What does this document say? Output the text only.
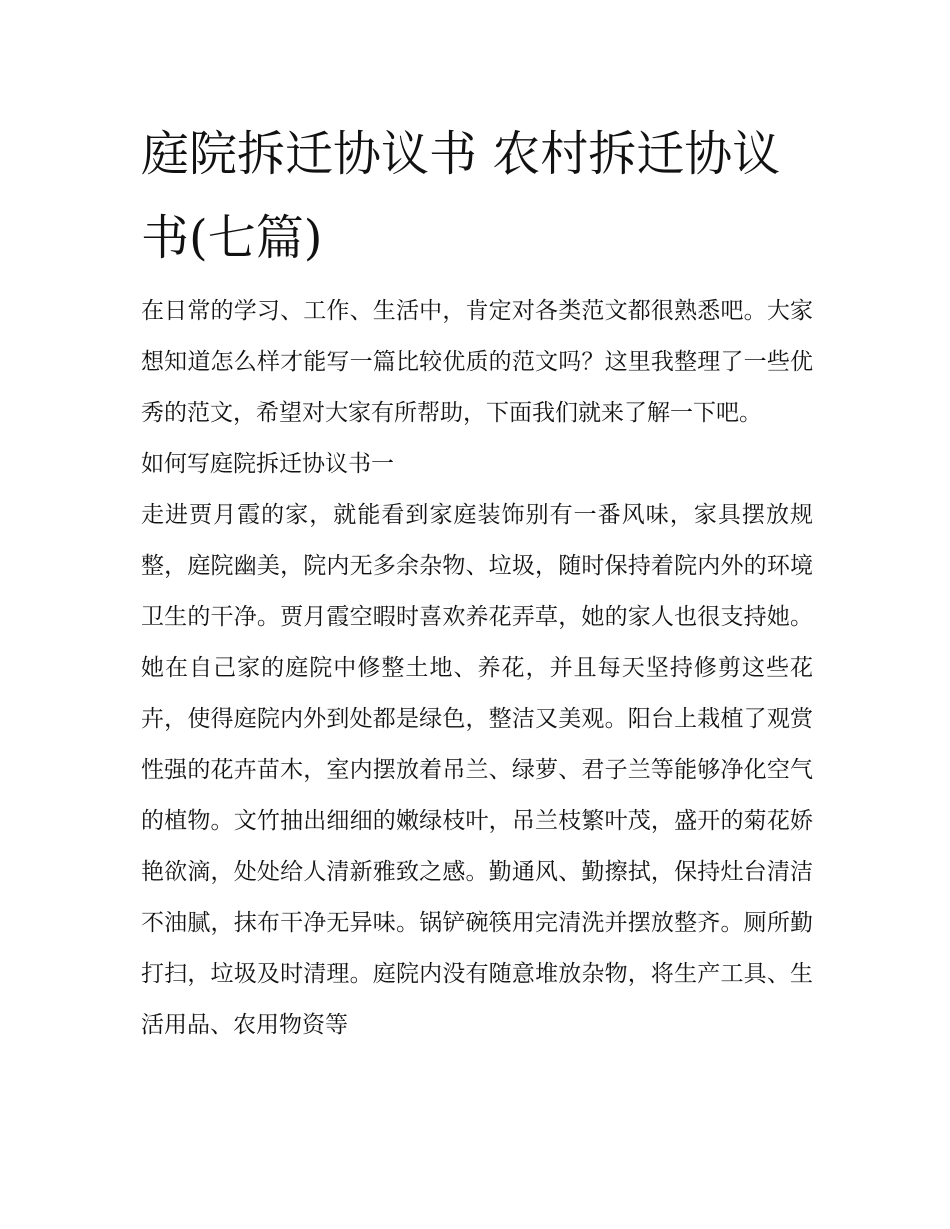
庭院拆迁协议书 农村拆迁协议书(七篇)

在日常的学习、工作、生活中，肯定对各类范文都很熟悉吧。大家想知道怎么样才能写一篇比较优质的范文吗？这里我整理了一些优秀的范文，希望对大家有所帮助，下面我们就来了解一下吧。

如何写庭院拆迁协议书一

走进贾月霞的家，就能看到家庭装饰别有一番风味，家具摆放规整，庭院幽美，院内无多余杂物、垃圾，随时保持着院内外的环境卫生的干净。贾月霞空暇时喜欢养花弄草，她的家人也很支持她。她在自己家的庭院中修整土地、养花，并且每天坚持修剪这些花卉，使得庭院内外到处都是绿色，整洁又美观。阳台上栽植了观赏性强的花卉苗木，室内摆放着吊兰、绿萝、君子兰等能够净化空气的植物。文竹抽出细细的嫩绿枝叶，吊兰枝繁叶茂，盛开的菊花娇艳欲滴，处处给人清新雅致之感。勤通风、勤擦拭，保持灶台清洁不油腻，抹布干净无异味。锅铲碗筷用完清洗并摆放整齐。厕所勤打扫，垃圾及时清理。庭院内没有随意堆放杂物，将生产工具、生活用品、农用物资等
